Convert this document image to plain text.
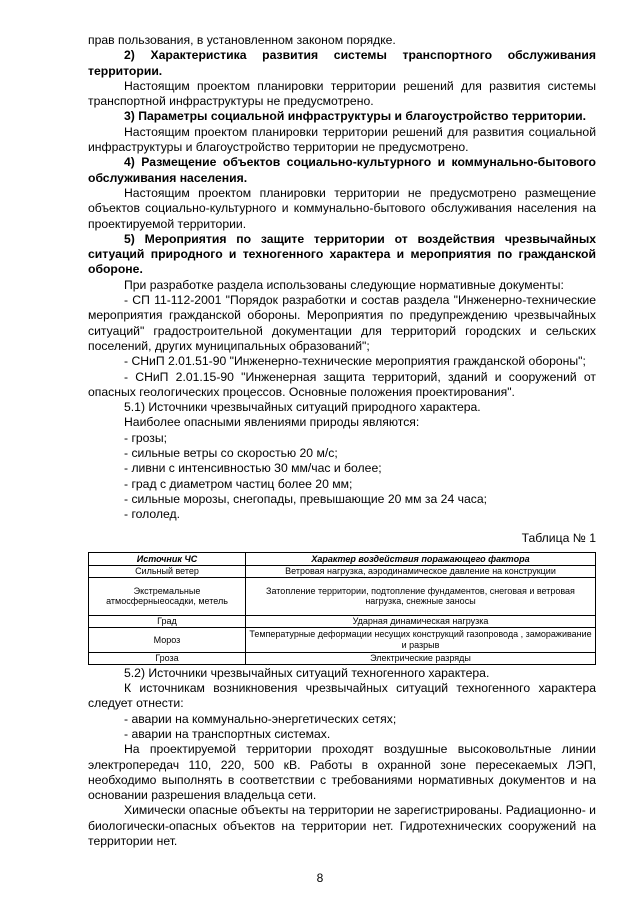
прав пользования, в установленном законом порядке.

2) Характеристика развития системы транспортного обслуживания территории.

Настоящим проектом планировки территории решений для развития системы транспортной инфраструктуры не предусмотрено.

3) Параметры социальной инфраструктуры и благоустройство территории.

Настоящим проектом планировки территории решений для развития социальной инфраструктуры и благоустройство территории не предусмотрено.

4) Размещение объектов социально-культурного и коммунально-бытового обслуживания населения.

Настоящим проектом планировки территории не предусмотрено размещение объектов социально-культурного и коммунально-бытового обслуживания населения на проектируемой территории.

5) Мероприятия по защите территории от воздействия чрезвычайных ситуаций природного и техногенного характера и мероприятия по гражданской обороне.

При разработке раздела использованы следующие нормативные документы:

- СП 11-112-2001 "Порядок разработки и состав раздела "Инженерно-технические мероприятия гражданской обороны. Мероприятия по предупреждению чрезвычайных ситуаций" градостроительной документации для территорий городских и сельских поселений, других муниципальных образований";

- СНиП 2.01.51-90 "Инженерно-технические мероприятия гражданской обороны";

- СНиП 2.01.15-90 "Инженерная защита территорий, зданий и сооружений от опасных геологических процессов. Основные положения проектирования".

5.1) Источники чрезвычайных ситуаций природного характера.

Наиболее опасными явлениями природы являются:

- грозы;

- сильные ветры со скоростью 20 м/с;

- ливни с интенсивностью 30 мм/час и более;

- град с диаметром частиц более 20 мм;

- сильные морозы, снегопады, превышающие 20 мм за 24 часа;

- гололед.

Таблица № 1

Источник ЧС	Характер воздействия поражающего фактора
Сильный ветер	Ветровая нагрузка, аэродинамическое давление на конструкции
Экстремальные атмосферныеосадки, метель	Затопление территории, подтопление фундаментов, снеговая и ветровая нагрузка, снежные заносы
Град	Ударная динамическая нагрузка
Мороз	Температурные деформации несущих конструкций газопровода , замораживание и разрыв
Гроза	Электрические разряды

5.2) Источники чрезвычайных ситуаций техногенного характера.

К источникам возникновения чрезвычайных ситуаций техногенного характера следует отнести:

- аварии на коммунально-энергетических сетях;

- аварии на транспортных системах.

На проектируемой территории проходят воздушные высоковольтные линии электропередач 110, 220, 500 кВ. Работы в охранной зоне пересекаемых ЛЭП, необходимо выполнять в соответствии с требованиями нормативных документов и на основании разрешения владельца сети.

Химически опасные объекты на территории не зарегистрированы. Радиационно- и биологически-опасных объектов на территории нет. Гидротехнических сооружений на территории нет.

8
